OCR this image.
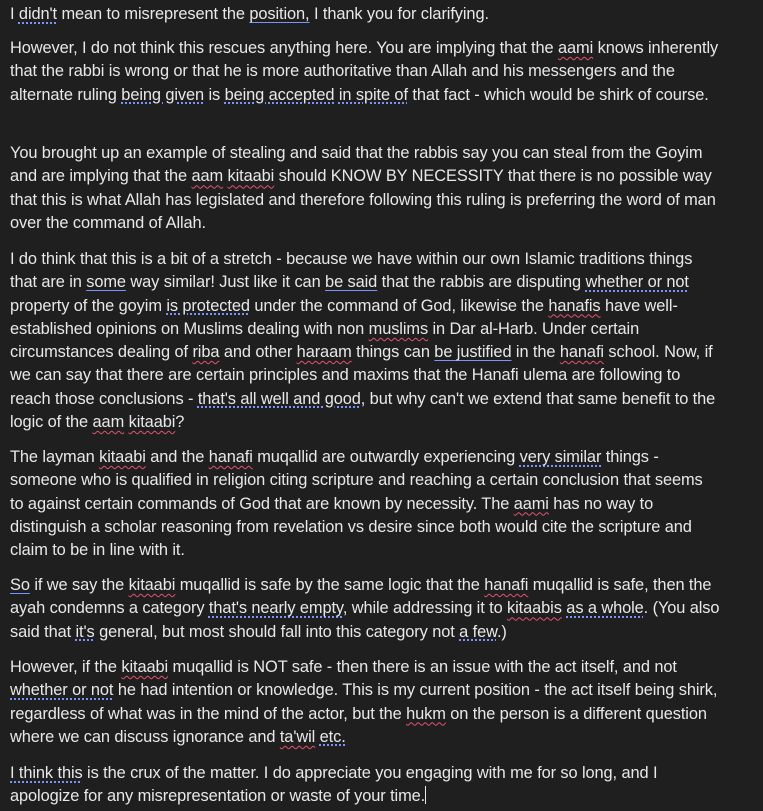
I didn't mean to misrepresent the position, I thank you for clarifying.
However, I do not think this rescues anything here. You are implying that the aami knows inherently
that the rabbi is wrong or that he is more authoritative than Allah and his messengers and the
alternate ruling being given is being accepted in spite of that fact - which would be shirk of course.
You brought up an example of stealing and said that the rabbis say you can steal from the Goyim
and are implying that the aam kitaabi should KNOW BY NECESSITY that there is no possible way
that this is what Allah has legislated and therefore following this ruling is preferring the word of man
over the command of Allah.
I do think that this is a bit of a stretch - because we have within our own Islamic traditions things
that are in some way similar! Just like it can be said that the rabbis are disputing whether or not
property of the goyim is protected under the command of God, likewise the hanafis have well-
established opinions on Muslims dealing with non muslims in Dar al-Harb. Under certain
circumstances dealing of riba and other haraam things can be justified in the hanafi school. Now, if
we can say that there are certain principles and maxims that the Hanafi ulema are following to
reach those conclusions - that's all well and good, but why can't we extend that same benefit to the
logic of the aam kitaabi?
The layman kitaabi and the hanafi muqallid are outwardly experiencing very similar things -
someone who is qualified in religion citing scripture and reaching a certain conclusion that seems
to against certain commands of God that are known by necessity. The aami has no way to
distinguish a scholar reasoning from revelation vs desire since both would cite the scripture and
claim to be in line with it.
So if we say the kitaabi muqallid is safe by the same logic that the hanafi muqallid is safe, then the
ayah condemns a category that's nearly empty, while addressing it to kitaabis as a whole. (You also
said that it's general, but most should fall into this category not a few.)
However, if the kitaabi muqallid is NOT safe - then there is an issue with the act itself, and not
whether or not he had intention or knowledge. This is my current position - the act itself being shirk,
regardless of what was in the mind of the actor, but the hukm on the person is a different question
where we can discuss ignorance and ta'wil etc.
I think this is the crux of the matter. I do appreciate you engaging with me for so long, and I
apologize for any misrepresentation or waste of your time.
